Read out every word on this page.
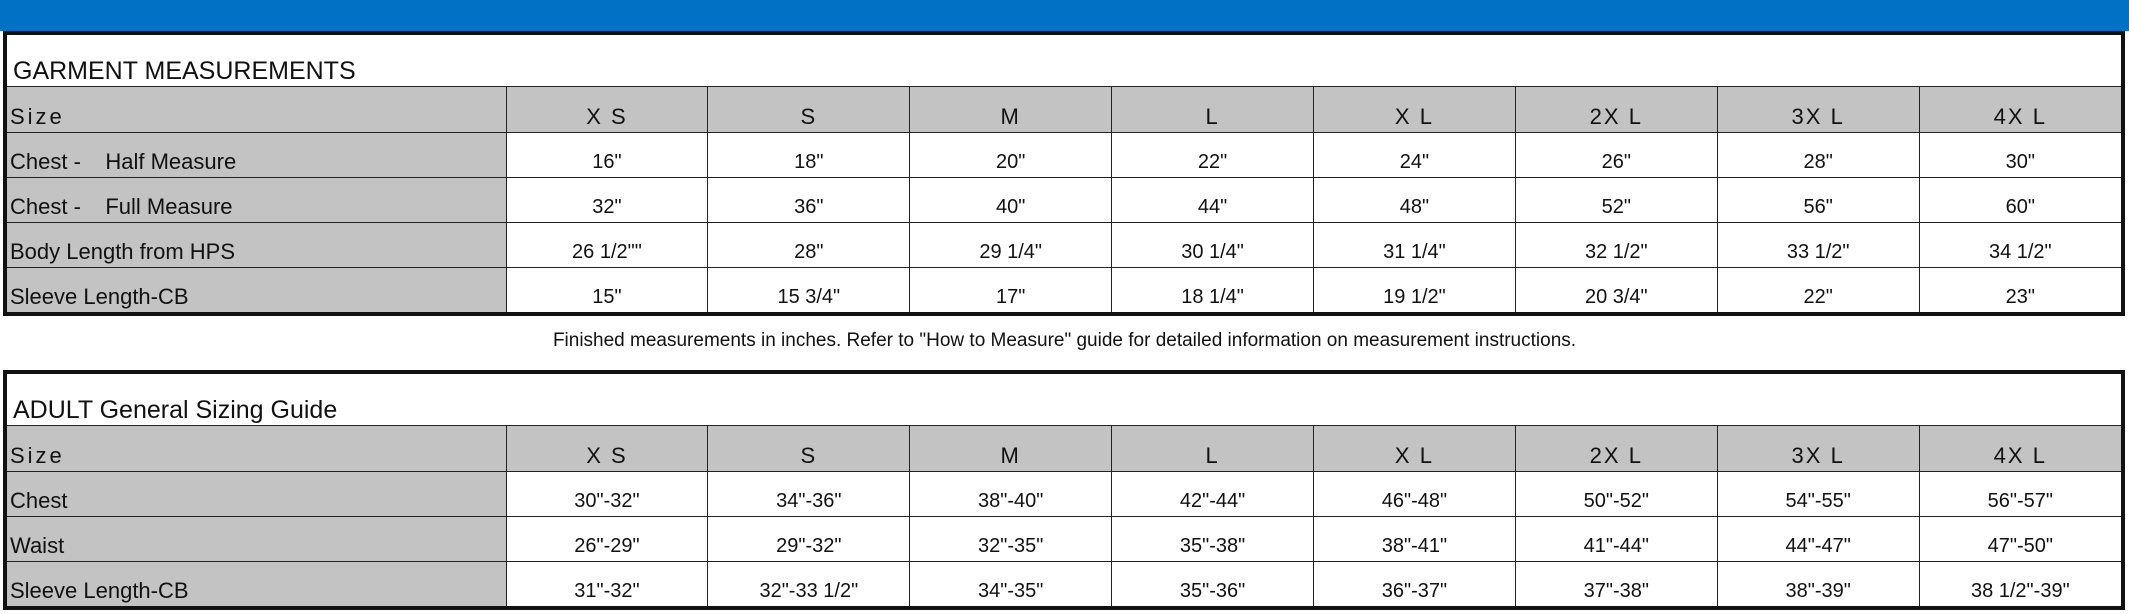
GARMENT MEASUREMENTS
Size	X S	S	M	L	X L	2X L	3X L	4X L
Chest -    Half Measure	16"	18"	20"	22"	24"	26"	28"	30"
Chest -    Full Measure	32"	36"	40"	44"	48"	52"	56"	60"
Body Length from HPS	26 1/2""	28"	29 1/4"	30 1/4"	31 1/4"	32 1/2"	33 1/2"	34 1/2"
Sleeve Length-CB	15"	15 3/4"	17"	18 1/4"	19 1/2"	20 3/4"	22"	23"
Finished measurements in inches. Refer to "How to Measure" guide for detailed information on measurement instructions.
ADULT General Sizing Guide
Size	X S	S	M	L	X L	2X L	3X L	4X L
Chest	30"-32"	34"-36"	38"-40"	42"-44"	46"-48"	50"-52"	54"-55"	56"-57"
Waist	26"-29"	29"-32"	32"-35"	35"-38"	38"-41"	41"-44"	44"-47"	47"-50"
Sleeve Length-CB	31"-32"	32"-33 1/2"	34"-35"	35"-36"	36"-37"	37"-38"	38"-39"	38 1/2"-39"
